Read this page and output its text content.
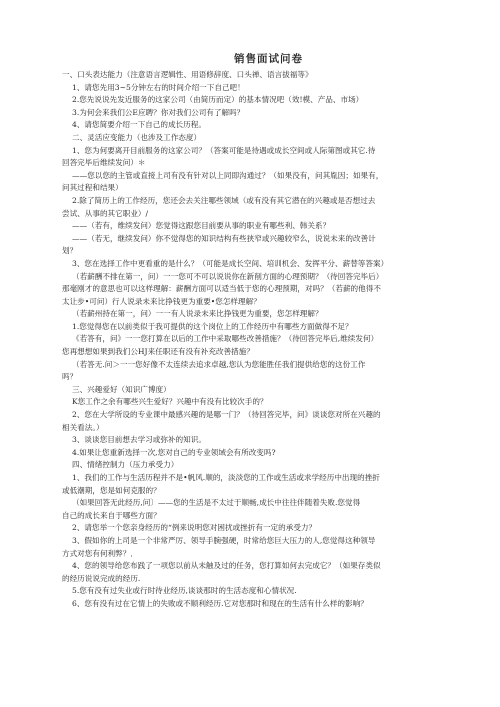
销售面试问卷

一、口头表达能力（注意语言逻辑性、用语修辞度、口头禅、语言拔福等》

1、请您先用3~5分钟左右的时间介绍一下自己吧！

2.您先说说先发近服务的这家公司（由简历而定）的基本情况吧（效!模、产品、市场）

3.为何会来我们公E应聘？你对我们公司有了解吗？

4、请您简要介绍一下自己的成长历程。

二、灵活应变能力（也涉及工作态度）

1、您为何要离开目前服务的这家公司？（答案可能是待遇或成长空间或人际第图或其它.待

回答完毕后维续发问）＊

——您以您的主管或直接上司有没有针对以上同即沟通过？（如果没有，问其胤因；如果有，

问其过程和结果）

2.除了简历上的工作经历，您还会去关注哪些领域（或有没有其它潜在的兴趣或是否想过去

尝试、从事的其它职业）/

——（若有，维续发问）您觉得这跟您目前要从事的职业有哪些利、韩关系？

——（若无，继续发问）你不觉得您的知识结构有些狭窄或兴趣较窄么，说说未来的改善计

划？

3、您在选择工作中更看重的是什么？（可能是成长空间、培训机会、发挥平分、薪替等答案）

（若薪酬不排在第一，问）一一您可不可以说说你在新削方面的心理预期？（待回答完毕后）

那毫刚才的意思也可以这样理解：薪酬方面可以适当低于您的心理预期，对吗？（若薪的他得不

太让步•可问）行人说录未来比挣钱更为重要•您怎样理解？

（若薪州持在第一，问）一一有人说录未来比挣钱更为重要，您怎样理解？

1.您觉得您在以前类似于我可提供的这个岗位上的工作经历中有哪些方面做得不足？

《若答有，问》一一您打算在以后的工作中采取哪些改善措施？（待回答完毕后,维续发何）

您再想想如果到我们公HJ来任职还有没有补充改善措施？

（若答无.问＞一一您好像不太连续去追求卓越,您认为您能胜任我们提供给您的这份工作

吗？

三、兴趣爱好（知识广博度）

K您工作之余有哪些兴生爱好？兴趣中有没有比较次手的？

2、您在大学所设的专业课中最感兴趣的是哪一门？（待回答完毕，问》谈谈您对所在兴趣的

相关看法。）

3、谈谈您目前想去学习或弥补的知识。

4.如果让您重新选择一次,您对自己的专业领域会有所改变吗?

四、情绪控制力（压力承受力）

1、我们的工作与生活历程并不是•帆风.顺的，淡淡您的工作或生活或求学经历中出现的挫折

或低潮期，您是如何克服的？

（如果回答无此经历,问〕——您的生活是不太过于顺畅,成长中往往伴随着失败.您觉得

自己的成长来自于哪些方面？

2、请您举一个您亲身经历的“例来说明您对困扰或挫折有一定的承受力？

3、假如你的上司是一个非常严厉、领导手腕强硬，时常给您巨大压力的人,您觉得这种领导

方式对您有何利弊？．

4、您的领导给您布践了一项您以前从未触及过的任务，您打算如何去完成它？（如果存类似

的经历说说完成的经历.

5.您有没有过失业或行时待业经历,谈谈那时的生活态度和心情状况.

6、您有没有过在它情上的失败或不顺利经历.它对您那时和现在的生活有什么样的影响？
